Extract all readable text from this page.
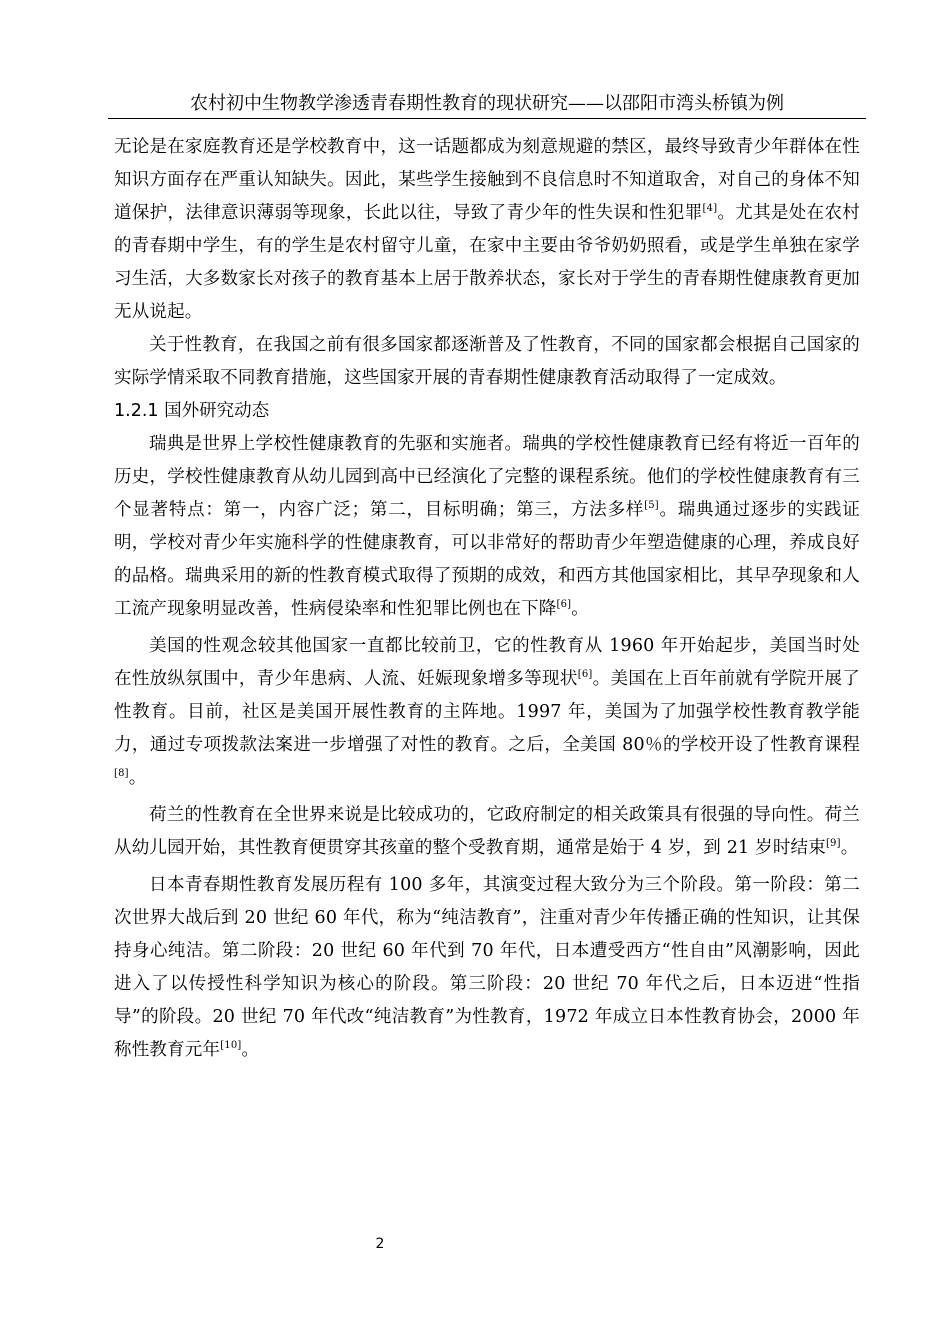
农村初中生物教学渗透青春期性教育的现状研究——以邵阳市湾头桥镇为例

无论是在家庭教育还是学校教育中，这一话题都成为刻意规避的禁区，最终导致青少年群体在性知识方面存在严重认知缺失。因此，某些学生接触到不良信息时不知道取舍，对自己的身体不知道保护，法律意识薄弱等现象，长此以往，导致了青少年的性失误和性犯罪[4]。尤其是处在农村的青春期中学生，有的学生是农村留守儿童，在家中主要由爷爷奶奶照看，或是学生单独在家学习生活，大多数家长对孩子的教育基本上居于散养状态，家长对于学生的青春期性健康教育更加无从说起。

关于性教育，在我国之前有很多国家都逐渐普及了性教育，不同的国家都会根据自己国家的实际学情采取不同教育措施，这些国家开展的青春期性健康教育活动取得了一定成效。

1.2.1 国外研究动态

瑞典是世界上学校性健康教育的先驱和实施者。瑞典的学校性健康教育已经有将近一百年的历史，学校性健康教育从幼儿园到高中已经演化了完整的课程系统。他们的学校性健康教育有三个显著特点：第一，内容广泛；第二，目标明确；第三，方法多样[5]。瑞典通过逐步的实践证明，学校对青少年实施科学的性健康教育，可以非常好的帮助青少年塑造健康的心理，养成良好的品格。瑞典采用的新的性教育模式取得了预期的成效，和西方其他国家相比，其早孕现象和人工流产现象明显改善，性病侵染率和性犯罪比例也在下降[6]。

美国的性观念较其他国家一直都比较前卫，它的性教育从 1960 年开始起步，美国当时处在性放纵氛围中，青少年患病、人流、妊娠现象增多等现状[6]。美国在上百年前就有学院开展了性教育。目前，社区是美国开展性教育的主阵地。1997 年，美国为了加强学校性教育教学能力，通过专项拨款法案进一步增强了对性的教育。之后，全美国 80％的学校开设了性教育课程[8]。

荷兰的性教育在全世界来说是比较成功的，它政府制定的相关政策具有很强的导向性。荷兰从幼儿园开始，其性教育便贯穿其孩童的整个受教育期，通常是始于 4 岁，到 21 岁时结束[9]。

日本青春期性教育发展历程有 100 多年，其演变过程大致分为三个阶段。第一阶段：第二次世界大战后到 20 世纪 60 年代，称为“纯洁教育”，注重对青少年传播正确的性知识，让其保持身心纯洁。第二阶段：20 世纪 60 年代到 70 年代，日本遭受西方“性自由”风潮影响，因此进入了以传授性科学知识为核心的阶段。第三阶段：20 世纪 70 年代之后，日本迈进“性指导”的阶段。20 世纪 70 年代改“纯洁教育”为性教育，1972 年成立日本性教育协会，2000 年称性教育元年[10]。

2
